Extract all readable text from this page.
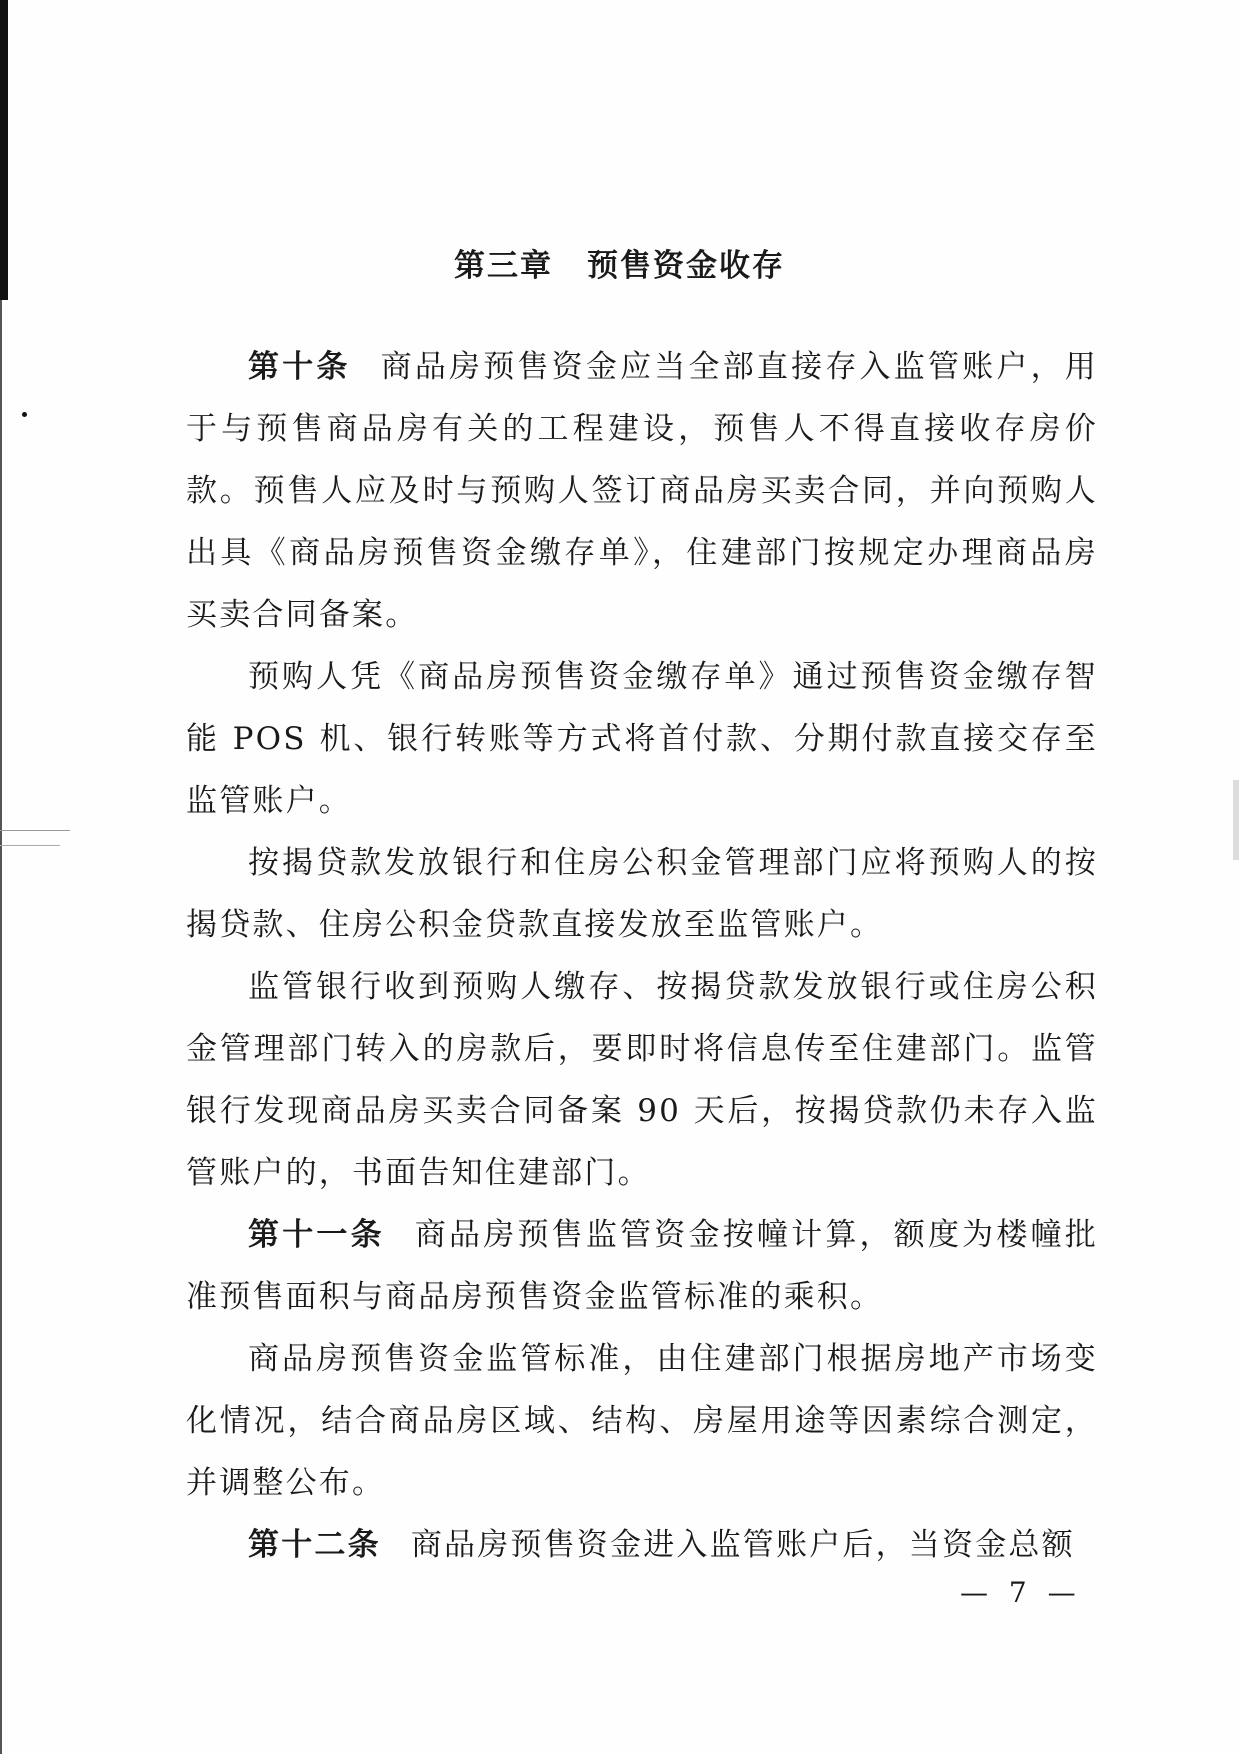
第三章 预售资金收存

第十条 商品房预售资金应当全部直接存入监管账户，用于与预售商品房有关的工程建设，预售人不得直接收存房价款。预售人应及时与预购人签订商品房买卖合同，并向预购人出具《商品房预售资金缴存单》，住建部门按规定办理商品房买卖合同备案。

预购人凭《商品房预售资金缴存单》通过预售资金缴存智能 POS 机、银行转账等方式将首付款、分期付款直接交存至监管账户。

按揭贷款发放银行和住房公积金管理部门应将预购人的按揭贷款、住房公积金贷款直接发放至监管账户。

监管银行收到预购人缴存、按揭贷款发放银行或住房公积金管理部门转入的房款后，要即时将信息传至住建部门。监管银行发现商品房买卖合同备案 90 天后，按揭贷款仍未存入监管账户的，书面告知住建部门。

第十一条 商品房预售监管资金按幢计算，额度为楼幢批准预售面积与商品房预售资金监管标准的乘积。

商品房预售资金监管标准，由住建部门根据房地产市场变化情况，结合商品房区域、结构、房屋用途等因素综合测定，并调整公布。

第十二条 商品房预售资金进入监管账户后，当资金总额

— 7 —
